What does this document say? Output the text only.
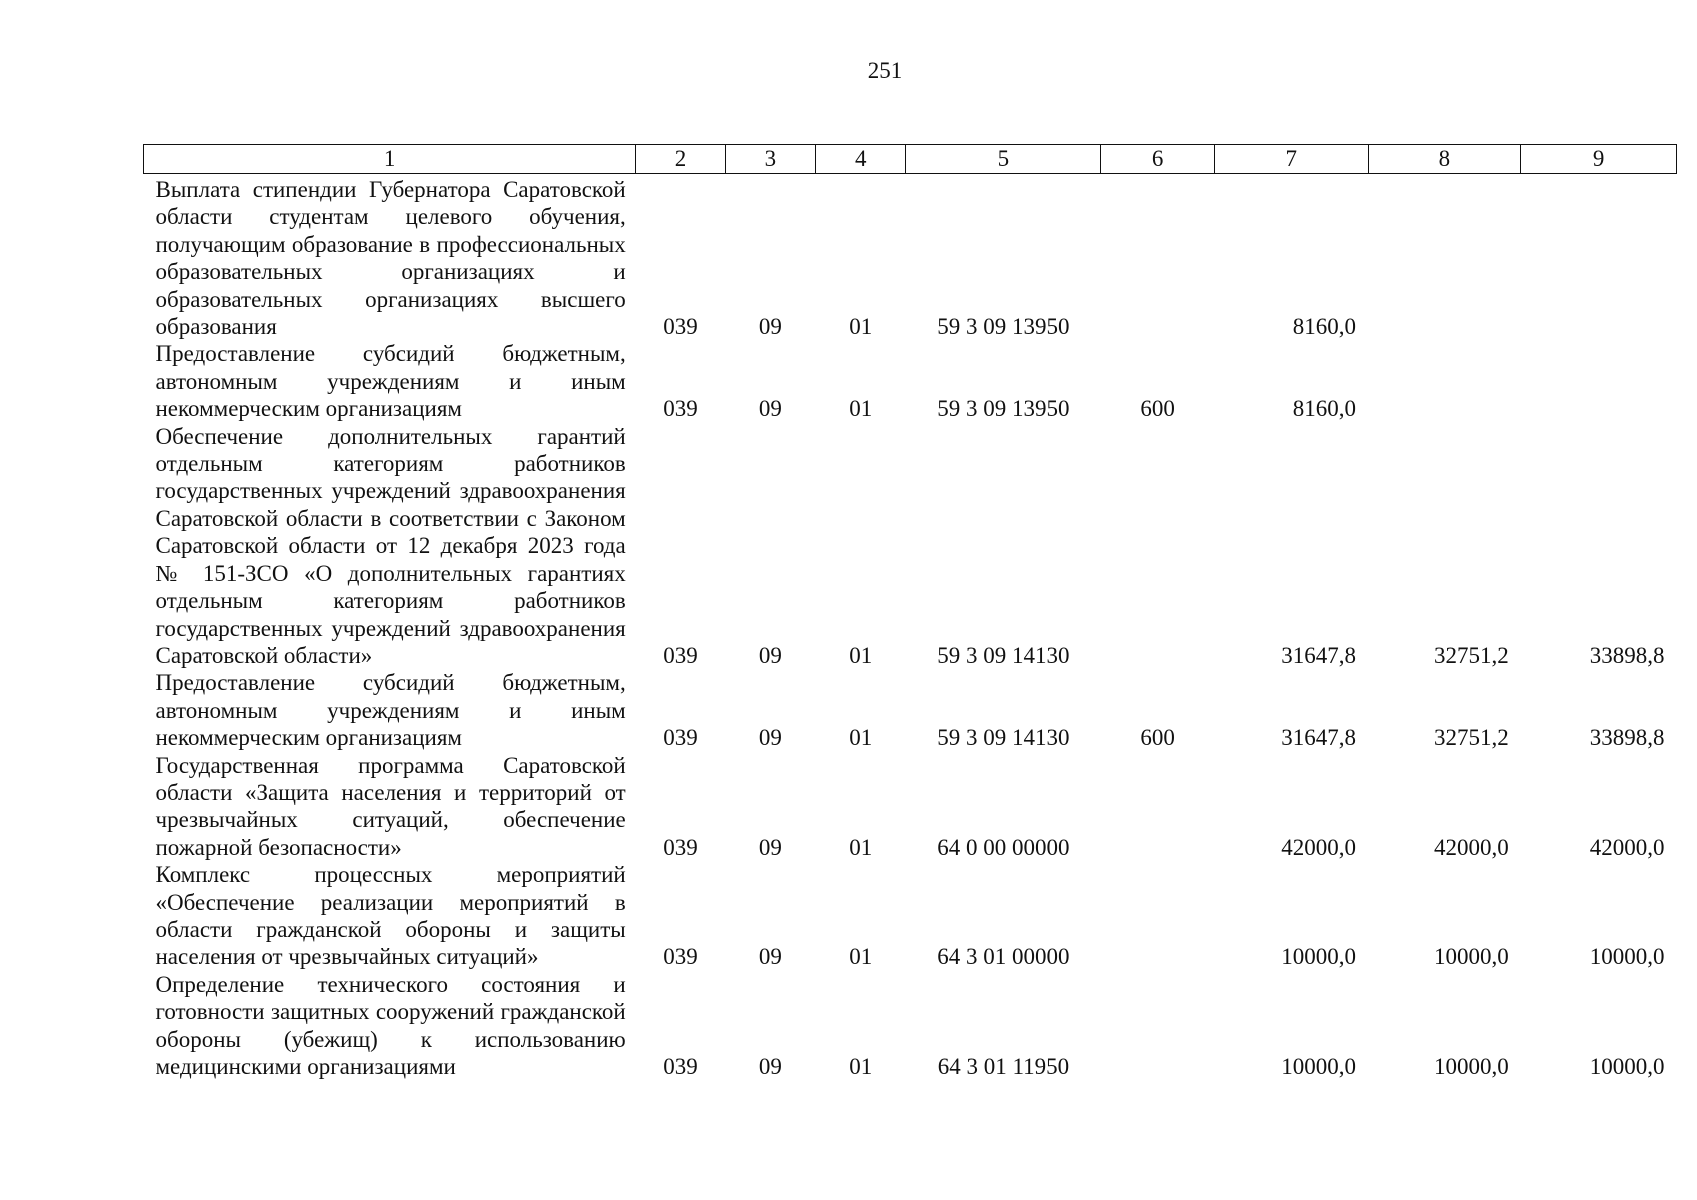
251
1	2	3	4	5	6	7	8	9
Выплата стипендии Губернатора Саратовской области студентам целевого обучения, получающим образование в профессиональных образовательных организациях и образовательных организациях высшего образования	039	09	01	59 3 09 13950		8160,0		
Предоставление субсидий бюджетным, автономным учреждениям и иным некоммерческим организациям	039	09	01	59 3 09 13950	600	8160,0		
Обеспечение дополнительных гарантий отдельным категориям работников государственных учреждений здравоохранения Саратовской области в соответствии с Законом Саратовской области от 12 декабря 2023 года № 151-ЗСО «О дополнительных гарантиях отдельным категориям работников государственных учреждений здравоохранения Саратовской области»	039	09	01	59 3 09 14130		31647,8	32751,2	33898,8
Предоставление субсидий бюджетным, автономным учреждениям и иным некоммерческим организациям	039	09	01	59 3 09 14130	600	31647,8	32751,2	33898,8
Государственная программа Саратовской области «Защита населения и территорий от чрезвычайных ситуаций, обеспечение пожарной безопасности»	039	09	01	64 0 00 00000		42000,0	42000,0	42000,0
Комплекс процессных мероприятий «Обеспечение реализации мероприятий в области гражданской обороны и защиты населения от чрезвычайных ситуаций»	039	09	01	64 3 01 00000		10000,0	10000,0	10000,0
Определение технического состояния и готовности защитных сооружений гражданской обороны (убежищ) к использованию медицинскими организациями	039	09	01	64 3 01 11950		10000,0	10000,0	10000,0
